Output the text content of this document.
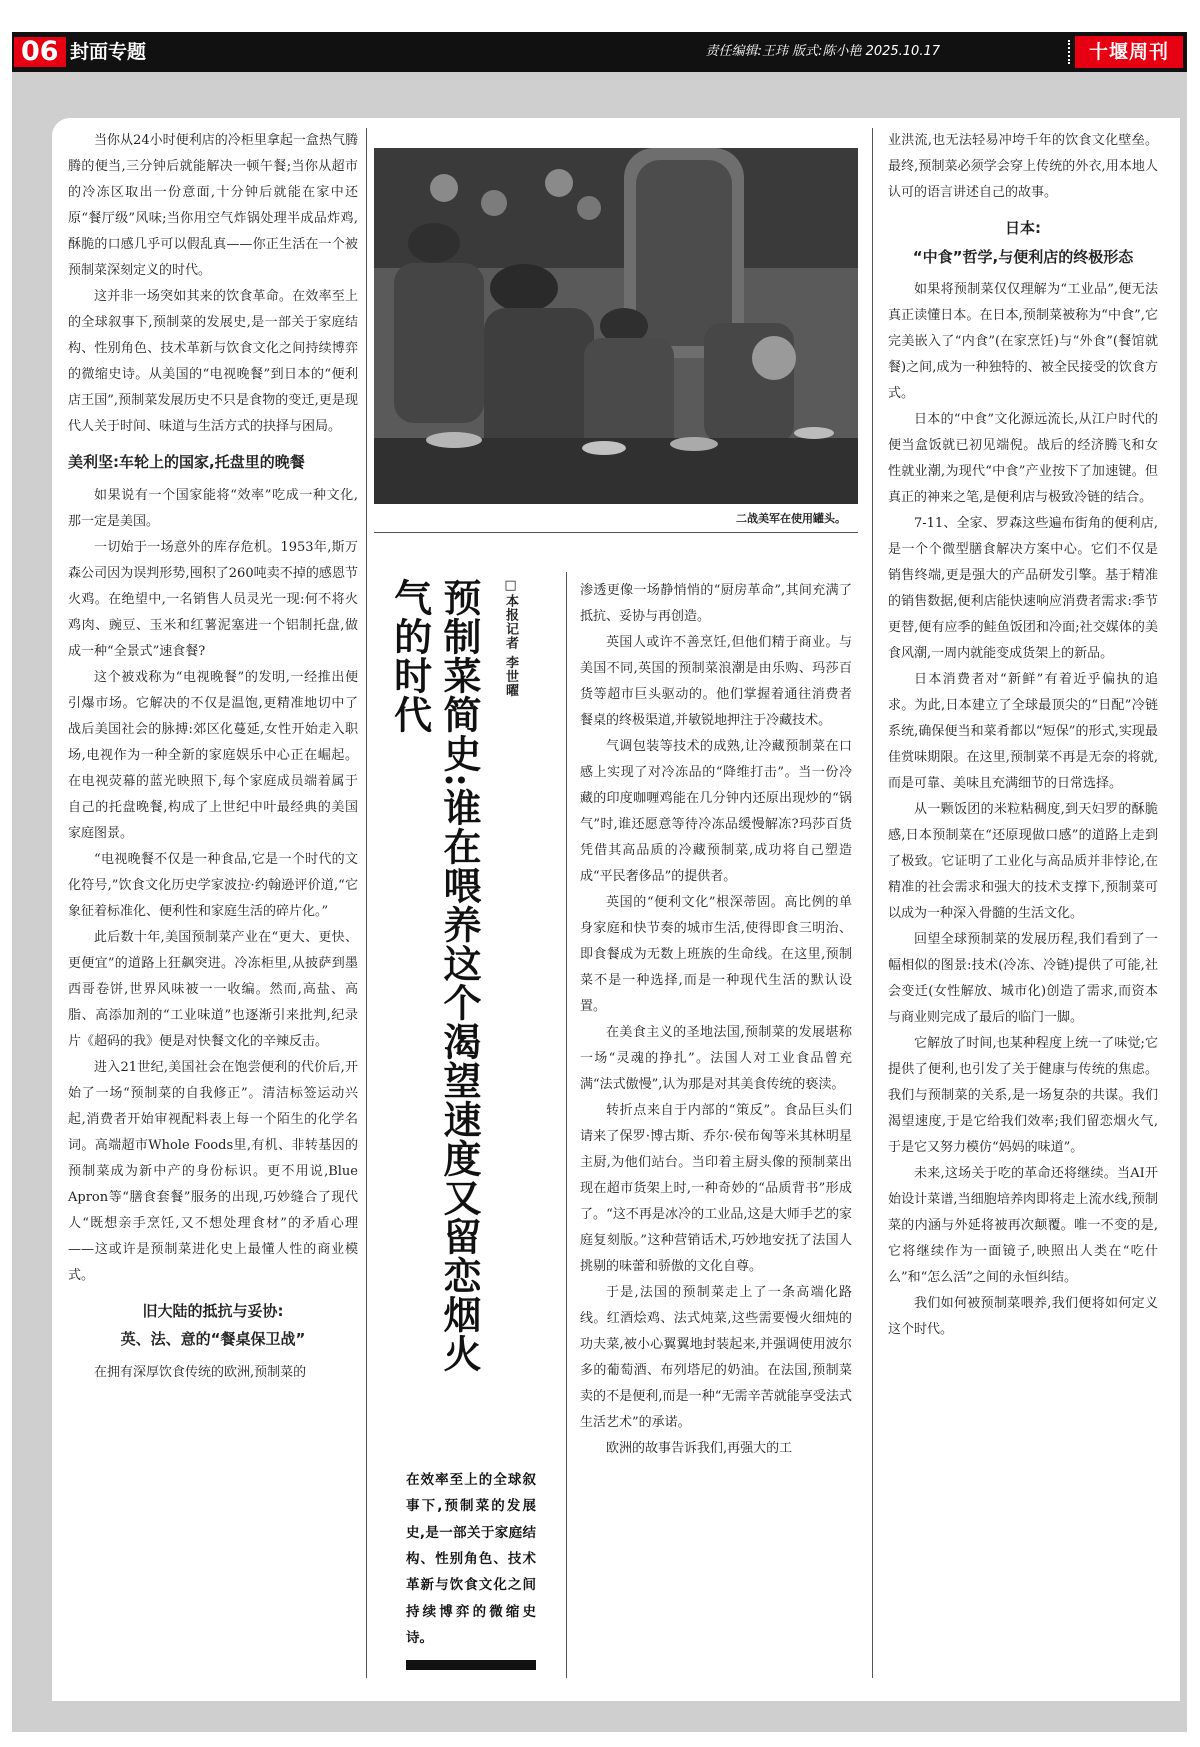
06 封面专题	责任编辑:王玮 版式:陈小艳 2025.10.17	十堰周刊

当你从24小时便利店的冷柜里拿起一盒热气腾腾的便当,三分钟后就能解决一顿午餐;当你从超市的冷冻区取出一份意面,十分钟后就能在家中还原“餐厅级”风味;当你用空气炸锅处理半成品炸鸡,酥脆的口感几乎可以假乱真——你正生活在一个被预制菜深刻定义的时代。

这并非一场突如其来的饮食革命。在效率至上的全球叙事下,预制菜的发展史,是一部关于家庭结构、性别角色、技术革新与饮食文化之间持续博弈的微缩史诗。从美国的“电视晚餐”到日本的“便利店王国”,预制菜发展历史不只是食物的变迁,更是现代人关于时间、味道与生活方式的抉择与困局。

美利坚:车轮上的国家,托盘里的晚餐

如果说有一个国家能将“效率”吃成一种文化,那一定是美国。

一切始于一场意外的库存危机。1953年,斯万森公司因为误判形势,囤积了260吨卖不掉的感恩节火鸡。在绝望中,一名销售人员灵光一现:何不将火鸡肉、豌豆、玉米和红薯泥塞进一个铝制托盘,做成一种“全景式”速食餐?

这个被戏称为“电视晚餐”的发明,一经推出便引爆市场。它解决的不仅是温饱,更精准地切中了战后美国社会的脉搏:郊区化蔓延,女性开始走入职场,电视作为一种全新的家庭娱乐中心正在崛起。在电视荧幕的蓝光映照下,每个家庭成员端着属于自己的托盘晚餐,构成了上世纪中叶最经典的美国家庭图景。

“电视晚餐不仅是一种食品,它是一个时代的文化符号,”饮食文化历史学家波拉·约翰逊评价道,“它象征着标准化、便利性和家庭生活的碎片化。”

此后数十年,美国预制菜产业在“更大、更快、更便宜”的道路上狂飙突进。冷冻柜里,从披萨到墨西哥卷饼,世界风味被一一收编。然而,高盐、高脂、高添加剂的“工业味道”也逐渐引来批判,纪录片《超码的我》便是对快餐文化的辛辣反击。

进入21世纪,美国社会在饱尝便利的代价后,开始了一场“预制菜的自我修正”。清洁标签运动兴起,消费者开始审视配料表上每一个陌生的化学名词。高端超市Whole Foods里,有机、非转基因的预制菜成为新中产的身份标识。更不用说,Blue Apron等“膳食套餐”服务的出现,巧妙缝合了现代人“既想亲手烹饪,又不想处理食材”的矛盾心理——这或许是预制菜进化史上最懂人性的商业模式。

旧大陆的抵抗与妥协:
英、法、意的“餐桌保卫战”

在拥有深厚饮食传统的欧洲,预制菜的

二战美军在使用罐头。
预制菜简史:谁在喂养这个渴望速度又留恋烟火气的时代	□本报记者 李世曜
在效率至上的全球叙事下,预制菜的发展史,是一部关于家庭结构、性别角色、技术革新与饮食文化之间持续博弈的微缩史诗。

渗透更像一场静悄悄的“厨房革命”,其间充满了抵抗、妥协与再创造。

英国人或许不善烹饪,但他们精于商业。与美国不同,英国的预制菜浪潮是由乐购、玛莎百货等超市巨头驱动的。他们掌握着通往消费者餐桌的终极渠道,并敏锐地押注于冷藏技术。

气调包装等技术的成熟,让冷藏预制菜在口感上实现了对冷冻品的“降维打击”。当一份冷藏的印度咖喱鸡能在几分钟内还原出现炒的“锅气”时,谁还愿意等待冷冻品缓慢解冻?玛莎百货凭借其高品质的冷藏预制菜,成功将自己塑造成“平民奢侈品”的提供者。

英国的“便利文化”根深蒂固。高比例的单身家庭和快节奏的城市生活,使得即食三明治、即食餐成为无数上班族的生命线。在这里,预制菜不是一种选择,而是一种现代生活的默认设置。

在美食主义的圣地法国,预制菜的发展堪称一场“灵魂的挣扎”。法国人对工业食品曾充满“法式傲慢”,认为那是对其美食传统的亵渎。

转折点来自于内部的“策反”。食品巨头们请来了保罗·博古斯、乔尔·侯布匈等米其林明星主厨,为他们站台。当印着主厨头像的预制菜出现在超市货架上时,一种奇妙的“品质背书”形成了。“这不再是冰冷的工业品,这是大师手艺的家庭复刻版。”这种营销话术,巧妙地安抚了法国人挑剔的味蕾和骄傲的文化自尊。

于是,法国的预制菜走上了一条高端化路线。红酒烩鸡、法式炖菜,这些需要慢火细炖的功夫菜,被小心翼翼地封装起来,并强调使用波尔多的葡萄酒、布列塔尼的奶油。在法国,预制菜卖的不是便利,而是一种“无需辛苦就能享受法式生活艺术”的承诺。

欧洲的故事告诉我们,再强大的工

业洪流,也无法轻易冲垮千年的饮食文化壁垒。最终,预制菜必须学会穿上传统的外衣,用本地人认可的语言讲述自己的故事。

日本:
“中食”哲学,与便利店的终极形态

如果将预制菜仅仅理解为“工业品”,便无法真正读懂日本。在日本,预制菜被称为“中食”,它完美嵌入了“内食”(在家烹饪)与“外食”(餐馆就餐)之间,成为一种独特的、被全民接受的饮食方式。

日本的“中食”文化源远流长,从江户时代的便当盒饭就已初见端倪。战后的经济腾飞和女性就业潮,为现代“中食”产业按下了加速键。但真正的神来之笔,是便利店与极致冷链的结合。

7-11、全家、罗森这些遍布街角的便利店,是一个个微型膳食解决方案中心。它们不仅是销售终端,更是强大的产品研发引擎。基于精准的销售数据,便利店能快速响应消费者需求:季节更替,便有应季的鲑鱼饭团和冷面;社交媒体的美食风潮,一周内就能变成货架上的新品。

日本消费者对“新鲜”有着近乎偏执的追求。为此,日本建立了全球最顶尖的“日配”冷链系统,确保便当和菜肴都以“短保”的形式,实现最佳赏味期限。在这里,预制菜不再是无奈的将就,而是可靠、美味且充满细节的日常选择。

从一颗饭团的米粒粘稠度,到天妇罗的酥脆感,日本预制菜在“还原现做口感”的道路上走到了极致。它证明了工业化与高品质并非悖论,在精准的社会需求和强大的技术支撑下,预制菜可以成为一种深入骨髓的生活文化。

回望全球预制菜的发展历程,我们看到了一幅相似的图景:技术(冷冻、冷链)提供了可能,社会变迁(女性解放、城市化)创造了需求,而资本与商业则完成了最后的临门一脚。

它解放了时间,也某种程度上统一了味觉;它提供了便利,也引发了关于健康与传统的焦虑。我们与预制菜的关系,是一场复杂的共谋。我们渴望速度,于是它给我们效率;我们留恋烟火气,于是它又努力模仿“妈妈的味道”。

未来,这场关于吃的革命还将继续。当AI开始设计菜谱,当细胞培养肉即将走上流水线,预制菜的内涵与外延将被再次颠覆。唯一不变的是,它将继续作为一面镜子,映照出人类在“吃什么”和“怎么活”之间的永恒纠结。

我们如何被预制菜喂养,我们便将如何定义这个时代。
